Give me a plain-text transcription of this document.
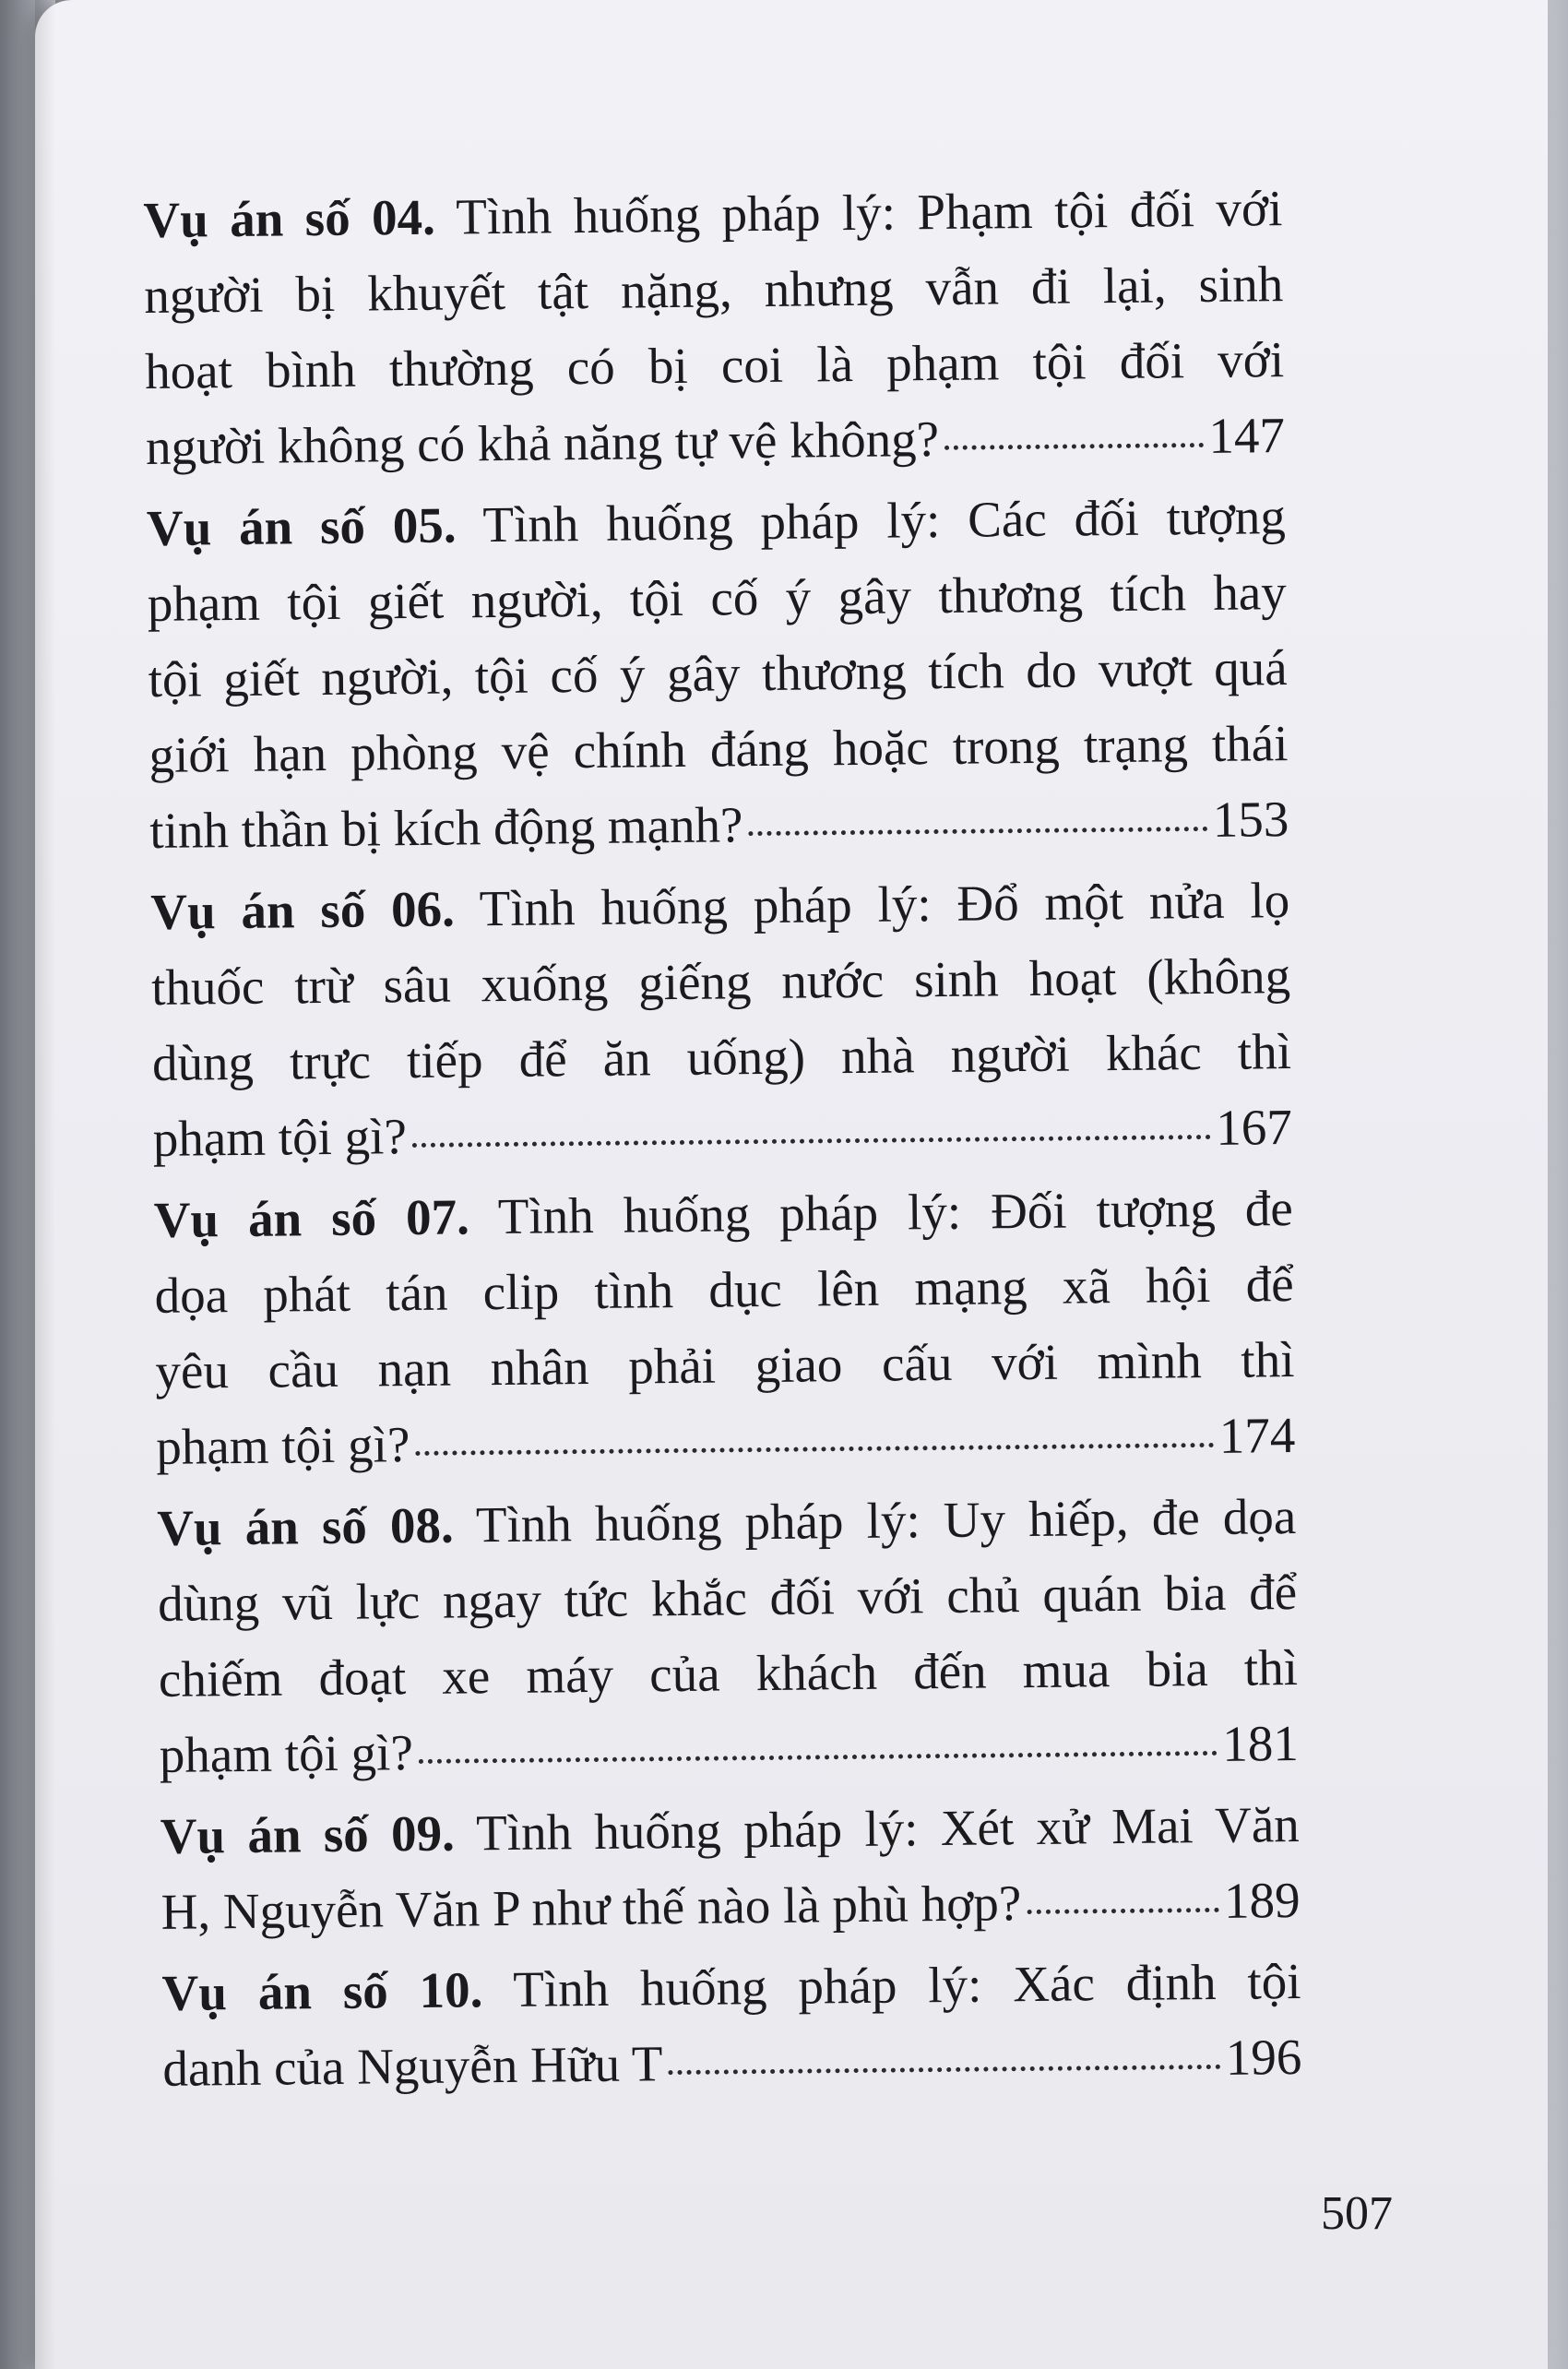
Vụ án số 04. Tình huống pháp lý: Phạm tội đối với
người bị khuyết tật nặng, nhưng vẫn đi lại, sinh
hoạt bình thường có bị coi là phạm tội đối với
người không có khả năng tự vệ không?	147
Vụ án số 05. Tình huống pháp lý: Các đối tượng
phạm tội giết người, tội cố ý gây thương tích hay
tội giết người, tội cố ý gây thương tích do vượt quá
giới hạn phòng vệ chính đáng hoặc trong trạng thái
tinh thần bị kích động mạnh?	153
Vụ án số 06. Tình huống pháp lý: Đổ một nửa lọ
thuốc trừ sâu xuống giếng nước sinh hoạt (không
dùng trực tiếp để ăn uống) nhà người khác thì
phạm tội gì?	167
Vụ án số 07. Tình huống pháp lý: Đối tượng đe
dọa phát tán clip tình dục lên mạng xã hội để
yêu cầu nạn nhân phải giao cấu với mình thì
phạm tội gì?	174
Vụ án số 08. Tình huống pháp lý: Uy hiếp, đe dọa
dùng vũ lực ngay tức khắc đối với chủ quán bia để
chiếm đoạt xe máy của khách đến mua bia thì
phạm tội gì?	181
Vụ án số 09. Tình huống pháp lý: Xét xử Mai Văn
H, Nguyễn Văn P như thế nào là phù hợp?	189
Vụ án số 10. Tình huống pháp lý: Xác định tội
danh của Nguyễn Hữu T	196
507
